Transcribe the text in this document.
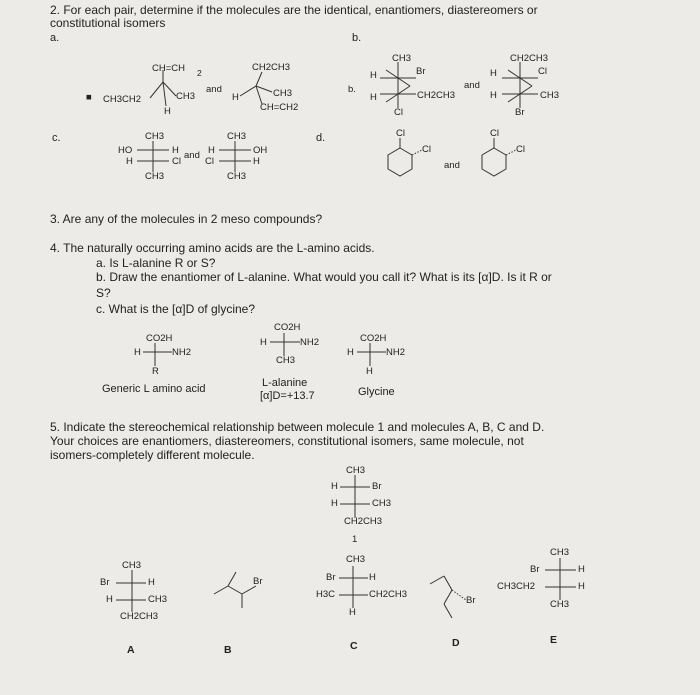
2. For each pair, determine if the molecules are the identical, enantiomers, diastereomers or
constitutional isomers
a.	b.
c.	d.
■
CH=CH 2
CH3CH2	CH3
H
and
CH2CH3
H	CH3
CH=CH2
b.
CH3
Br
H
H	CH2CH3
Cl
and
CH2CH3
Cl
H
H	CH3
Br
CH3
HO	H
H	Cl
CH3
and
CH3
H	OH
Cl	H
CH3
Cl
Cl
and
Cl
Cl
3. Are any of the molecules in 2 meso compounds?
4. The naturally occurring amino acids are the L-amino acids.
a. Is L-alanine R or S?
b. Draw the enantiomer of L-alanine. What would you call it? What is its [α]D. Is it R or
S?
c. What is the [α]D of glycine?
CO2H
H	NH2
R
Generic L amino acid
CO2H
H	NH2
CH3
L-alanine
[α]D=+13.7
CO2H
H	NH2
H
Glycine
5. Indicate the stereochemical relationship between molecule 1 and molecules A, B, C and D.
Your choices are enantiomers, diastereomers, constitutional isomers, same molecule, not
isomers-completely different molecule.
CH3
H	Br
H	CH3
CH2CH3
1
CH3
Br	H
H	CH3
CH2CH3
A
Br
B
CH3
Br	H
H3C	CH2CH3
H
C
Br
D
CH3
Br	H
CH3CH2	H
CH3
E
